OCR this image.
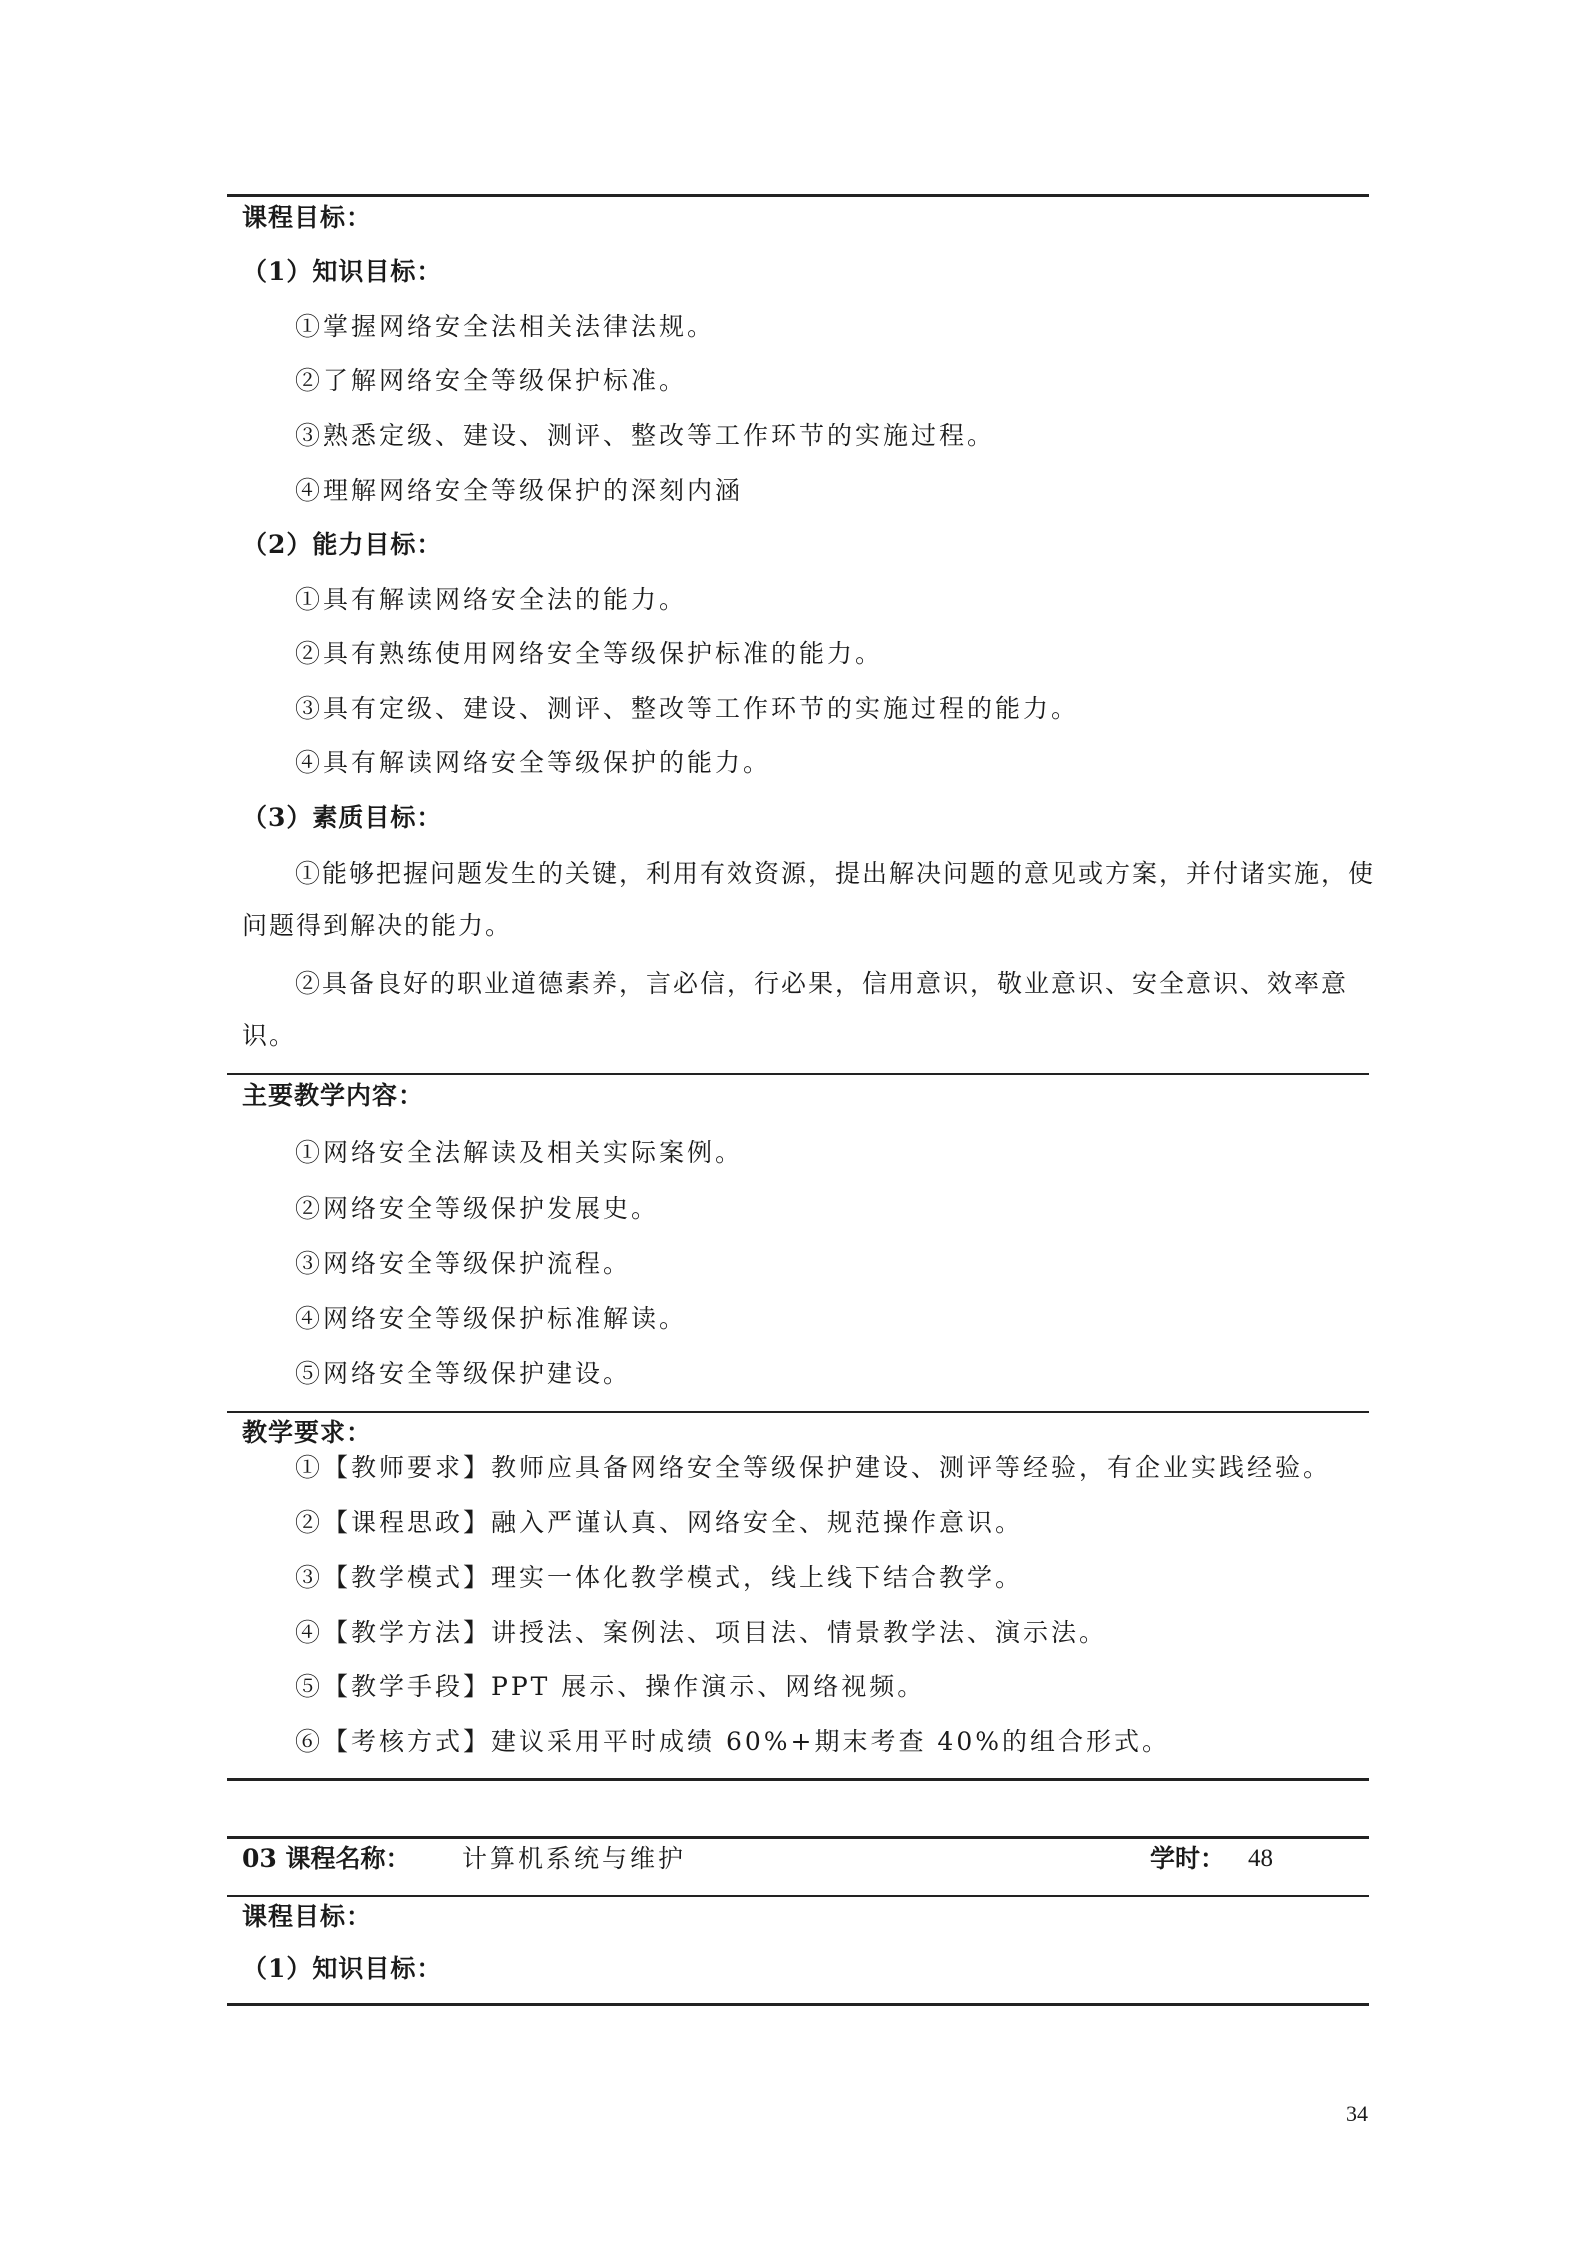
课程目标：
（1）知识目标：
①掌握网络安全法相关法律法规。
②了解网络安全等级保护标准。
③熟悉定级、建设、测评、整改等工作环节的实施过程。
④理解网络安全等级保护的深刻内涵
（2）能力目标：
①具有解读网络安全法的能力。
②具有熟练使用网络安全等级保护标准的能力。
③具有定级、建设、测评、整改等工作环节的实施过程的能力。
④具有解读网络安全等级保护的能力。
（3）素质目标：
①能够把握问题发生的关键，利用有效资源，提出解决问题的意见或方案，并付诸实施，使问题得到解决的能力。
②具备良好的职业道德素养，言必信，行必果，信用意识，敬业意识、安全意识、效率意识。
主要教学内容：
①网络安全法解读及相关实际案例。
②网络安全等级保护发展史。
③网络安全等级保护流程。
④网络安全等级保护标准解读。
⑤网络安全等级保护建设。
教学要求：
①【教师要求】教师应具备网络安全等级保护建设、测评等经验，有企业实践经验。
②【课程思政】融入严谨认真、网络安全、规范操作意识。
③【教学模式】理实一体化教学模式，线上线下结合教学。
④【教学方法】讲授法、案例法、项目法、情景教学法、演示法。
⑤【教学手段】PPT 展示、操作演示、网络视频。
⑥【考核方式】建议采用平时成绩 60%+期末考查 40%的组合形式。
03 课程名称： 计算机系统与维护	学时： 48
课程目标：
（1）知识目标：
34
